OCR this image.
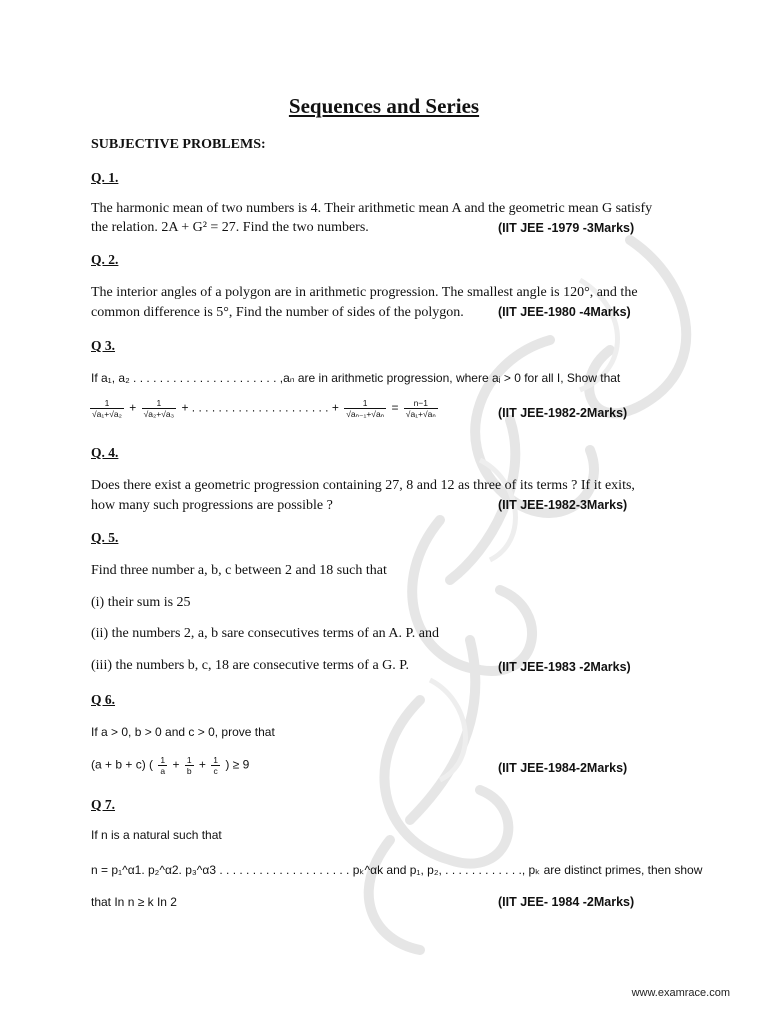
Sequences and Series
SUBJECTIVE PROBLEMS:
Q. 1.
The harmonic mean of two numbers is 4. Their arithmetic mean A and the geometric mean G satisfy
the relation. 2A + G² = 27. Find the two numbers.	(IIT JEE -1979 -3Marks)
Q. 2.
The interior angles of a polygon are in arithmetic progression. The smallest angle is 120°, and the
common difference is 5°, Find the number of sides of the polygon.	(IIT JEE-1980 -4Marks)
Q 3.
If a₁, a₂ . . . . . . . . . . . . . . . . . . . . . . ,aₙ are in arithmetic progression, where aᵢ > 0 for all I, Show that
$\frac{1}{\text{√a₁+√a₂}} + \frac{1}{\text{√a₂+√a₃}}$ + . . . . . . . . . . . . . . . . . . . . . + $\frac{1}{\text{√aₙ₋₁+√aₙ}} = \frac{n-1}{\text{√a₁+√aₙ}}$	(IIT JEE-1982-2Marks)
Q. 4.
Does there exist a geometric progression containing 27, 8 and 12 as three of its terms ? If it exits,
how many such progressions are possible ?	(IIT JEE-1982-3Marks)
Q. 5.
Find three number a, b, c between 2 and 18 such that
(i) their sum is 25
(ii) the numbers 2, a, b sare consecutives terms of an A. P. and
(iii) the numbers b, c, 18 are consecutive terms of a G. P.	(IIT JEE-1983 -2Marks)
Q 6.
If a > 0, b > 0 and c > 0, prove that
(a + b + c) ( $\frac{1}{a} + \frac{1}{b} + \frac{1}{c}$ ) ≥ 9	(IIT JEE-1984-2Marks)
Q 7.
If n is a natural such that
n = p₁^α1. p₂^α2. p₃^α3 . . . . . . . . . . . . . . . . . . . . pₖ^αk and p₁, p₂, . . . . . . . . . . . ., pₖ are distinct primes, then show
that In n ≥ k In 2	(IIT JEE- 1984 -2Marks)
www.examrace.com
